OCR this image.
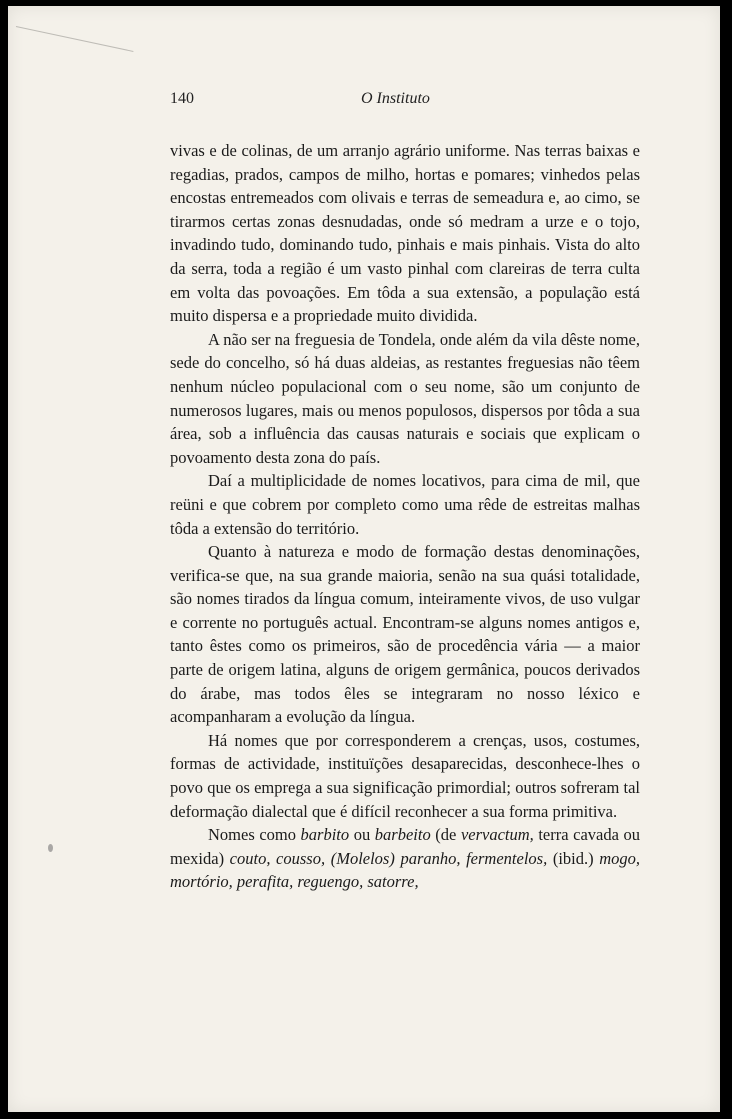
140	O Instituto

vivas e de colinas, de um arranjo agrário uniforme. Nas terras baixas e regadias, prados, campos de milho, hortas e pomares; vinhedos pelas encostas entremeados com olivais e terras de semeadura e, ao cimo, se tirarmos certas zonas desnudadas, onde só medram a urze e o tojo, invadindo tudo, dominando tudo, pinhais e mais pinhais. Vista do alto da serra, toda a região é um vasto pinhal com clareiras de terra culta em volta das povoações. Em tôda a sua extensão, a população está muito dispersa e a propriedade muito dividida.

A não ser na freguesia de Tondela, onde além da vila dêste nome, sede do concelho, só há duas aldeias, as restantes freguesias não têem nenhum núcleo populacional com o seu nome, são um conjunto de numerosos lugares, mais ou menos populosos, dispersos por tôda a sua área, sob a influência das causas naturais e sociais que explicam o povoamento desta zona do país.

Daí a multiplicidade de nomes locativos, para cima de mil, que reüni e que cobrem por completo como uma rêde de estreitas malhas tôda a extensão do território.

Quanto à natureza e modo de formação destas denominações, verifica-se que, na sua grande maioria, senão na sua quási totalidade, são nomes tirados da língua comum, inteiramente vivos, de uso vulgar e corrente no português actual. Encontram-se alguns nomes antigos e, tanto êstes como os primeiros, são de procedência vária — a maior parte de origem latina, alguns de origem germânica, poucos derivados do árabe, mas todos êles se integraram no nosso léxico e acompanharam a evolução da língua.

Há nomes que por corresponderem a crenças, usos, costumes, formas de actividade, instituïções desaparecidas, desconhece-lhes o povo que os emprega a sua significação primordial; outros sofreram tal deformação dialectal que é difícil reconhecer a sua forma primitiva.

Nomes como barbito ou barbeito (de vervactum, terra cavada ou mexida) couto, cousso, (Molelos) paranho, fermentelos, (ibid.) mogo, mortório, perafita, reguengo, satorre,
